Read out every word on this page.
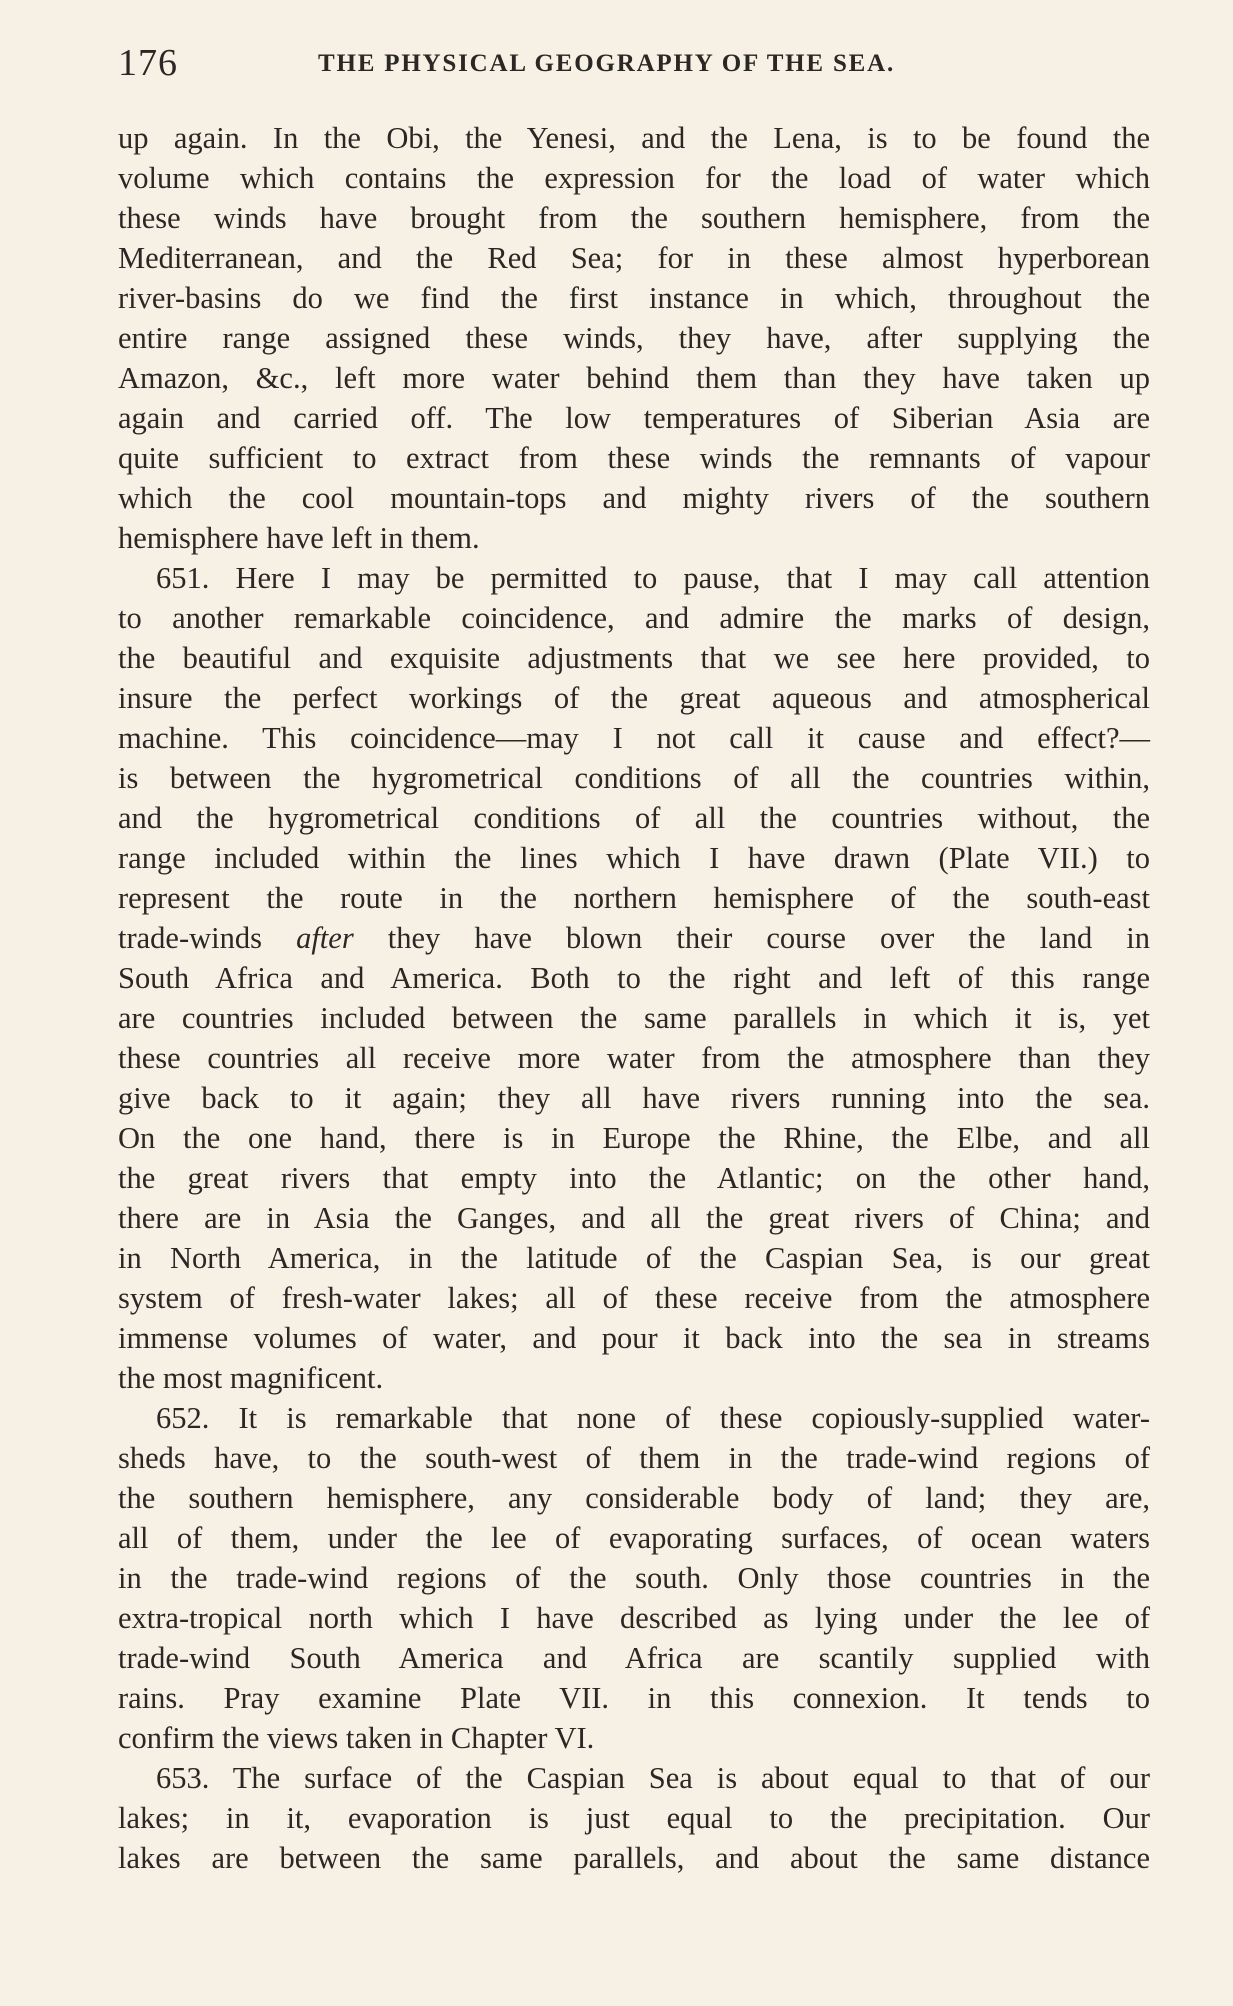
176	THE PHYSICAL GEOGRAPHY OF THE SEA.
up again. In the Obi, the Yenesi, and the Lena, is to be found the
volume which contains the expression for the load of water which
these winds have brought from the southern hemisphere, from the
Mediterranean, and the Red Sea; for in these almost hyperborean
river-basins do we find the first instance in which, throughout the
entire range assigned these winds, they have, after supplying the
Amazon, &c., left more water behind them than they have taken up
again and carried off. The low temperatures of Siberian Asia are
quite sufficient to extract from these winds the remnants of vapour
which the cool mountain-tops and mighty rivers of the southern
hemisphere have left in them.
651. Here I may be permitted to pause, that I may call attention
to another remarkable coincidence, and admire the marks of design,
the beautiful and exquisite adjustments that we see here provided, to
insure the perfect workings of the great aqueous and atmospherical
machine. This coincidence—may I not call it cause and effect?—
is between the hygrometrical conditions of all the countries within,
and the hygrometrical conditions of all the countries without, the
range included within the lines which I have drawn (Plate VII.) to
represent the route in the northern hemisphere of the south-east
trade-winds after they have blown their course over the land in
South Africa and America. Both to the right and left of this range
are countries included between the same parallels in which it is, yet
these countries all receive more water from the atmosphere than they
give back to it again; they all have rivers running into the sea.
On the one hand, there is in Europe the Rhine, the Elbe, and all
the great rivers that empty into the Atlantic; on the other hand,
there are in Asia the Ganges, and all the great rivers of China; and
in North America, in the latitude of the Caspian Sea, is our great
system of fresh-water lakes; all of these receive from the atmosphere
immense volumes of water, and pour it back into the sea in streams
the most magnificent.
652. It is remarkable that none of these copiously-supplied water-
sheds have, to the south-west of them in the trade-wind regions of
the southern hemisphere, any considerable body of land; they are,
all of them, under the lee of evaporating surfaces, of ocean waters
in the trade-wind regions of the south. Only those countries in the
extra-tropical north which I have described as lying under the lee of
trade-wind South America and Africa are scantily supplied with
rains. Pray examine Plate VII. in this connexion. It tends to
confirm the views taken in Chapter VI.
653. The surface of the Caspian Sea is about equal to that of our
lakes; in it, evaporation is just equal to the precipitation. Our
lakes are between the same parallels, and about the same distance
